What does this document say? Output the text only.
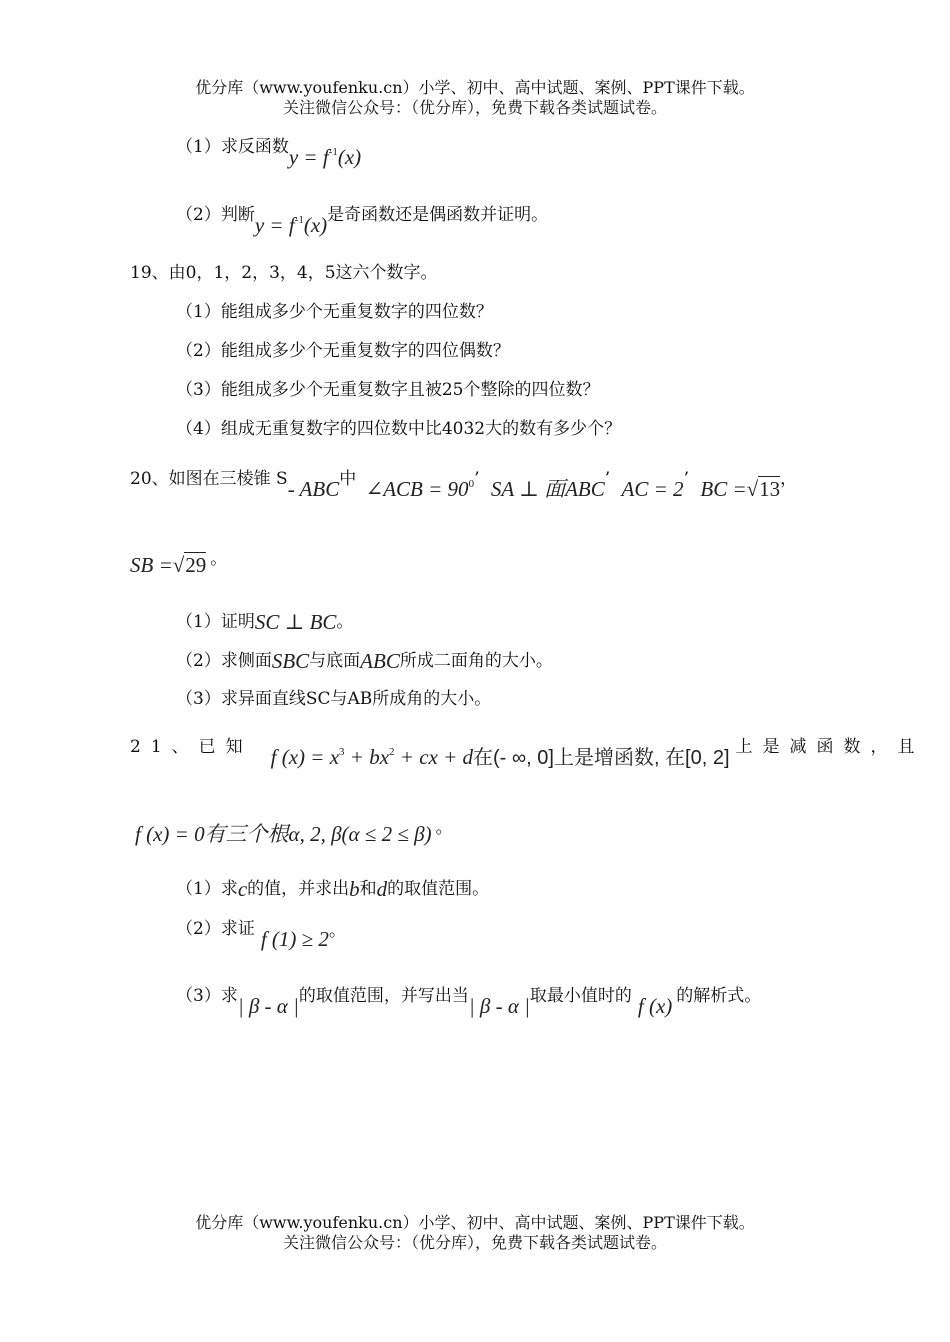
优分库（www.youfenku.cn）小学、初中、高中试题、案例、PPT课件下载。
关注微信公众号：（优分库），免费下载各类试题试卷。
（1）求反函数$y = f^{-1}(x)$
（2）判断$y = f^{-1}(x)$是奇函数还是偶函数并证明。
19、由0，1，2，3，4，5这六个数字。
（1）能组成多少个无重复数字的四位数？
（2）能组成多少个无重复数字的四位偶数？
（3）能组成多少个无重复数字且被25个整除的四位数？
（4）组成无重复数字的四位数中比4032大的数有多少个？
20、如图在三棱锥 S- ABC中 ∠ACB = $90^0$’ SA ⊥ 面ABC’ AC = 2’ BC =√13，
SB =√29 。
（1）证明SC ⊥ BC。
（2）求侧面SBC与底面ABC所成二面角的大小。
（3）求异面直线SC与AB所成角的大小。
21、已知 f $(x) = x^3 + bx^2$ + cx + d在(- ∞, 0]上是增函数, 在[0, 2] 上是减函数，且
f (x) = 0有三个根α, 2, β(α ≤ 2 ≤ β) 。
（1）求c的值，并求出b和d的取值范围。
（2）求证 f (1) ≥ 2。
（3）求| β - α |的取值范围，并写出当| β - α |取最小值时的 f (x) 的解析式。
优分库（www.youfenku.cn）小学、初中、高中试题、案例、PPT课件下载。
关注微信公众号：（优分库），免费下载各类试题试卷。
